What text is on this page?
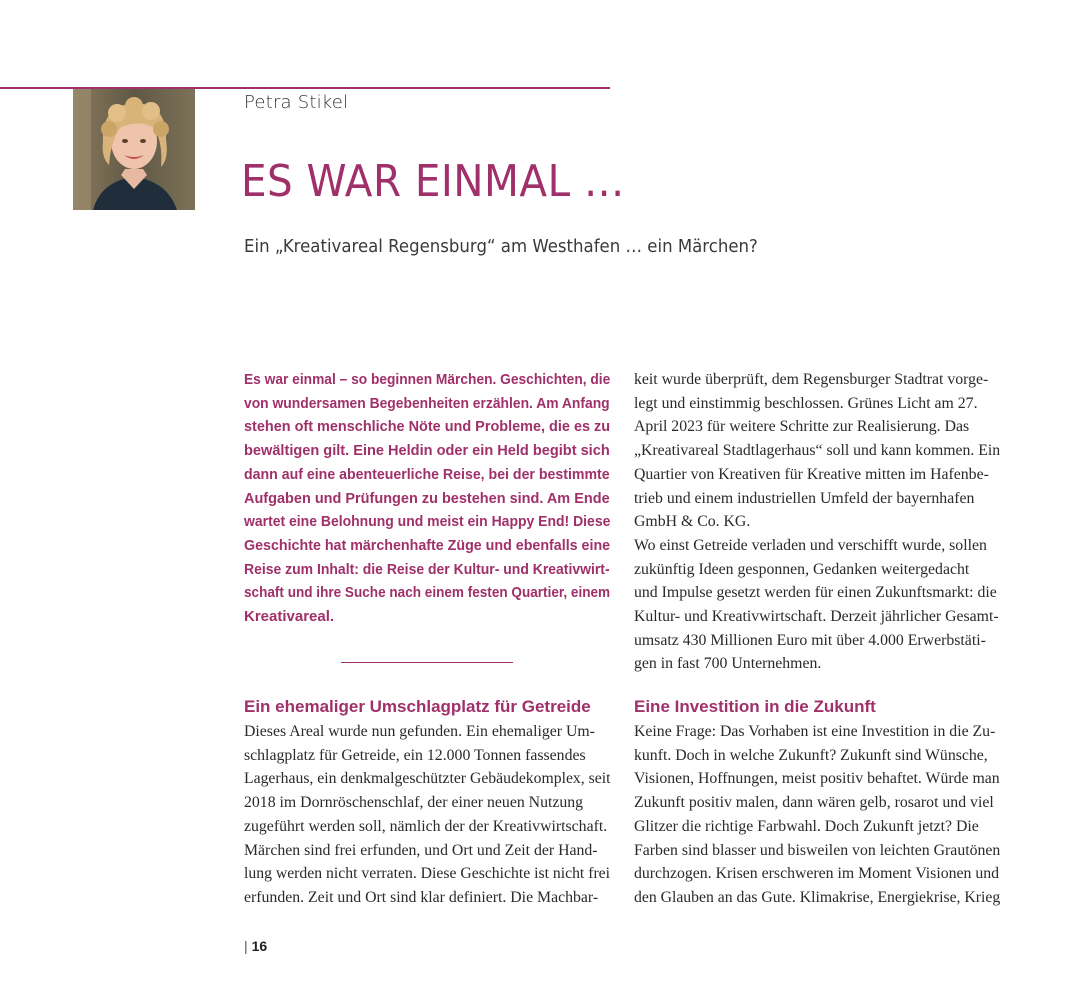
Petra Stikel
ES WAR EINMAL …
Ein „Kreativareal Regensburg“ am Westhafen … ein Märchen?
Es war einmal – so beginnen Märchen. Geschichten, die
von wundersamen Begebenheiten erzählen. Am Anfang
stehen oft menschliche Nöte und Probleme, die es zu
bewältigen gilt. Eine Heldin oder ein Held begibt sich
dann auf eine abenteuerliche Reise, bei der bestimmte
Aufgaben und Prüfungen zu bestehen sind. Am Ende
wartet eine Belohnung und meist ein Happy End! Diese
Geschichte hat märchenhafte Züge und ebenfalls eine
Reise zum Inhalt: die Reise der Kultur- und Kreativwirt-
schaft und ihre Suche nach einem festen Quartier, einem
Kreativareal.
Ein ehemaliger Umschlagplatz für Getreide
Dieses Areal wurde nun gefunden. Ein ehemaliger Um-
schlagplatz für Getreide, ein 12.000 Tonnen fassendes
Lagerhaus, ein denkmalgeschützter Gebäudekomplex, seit
2018 im Dornröschenschlaf, der einer neuen Nutzung
zugeführt werden soll, nämlich der der Kreativwirtschaft.
Märchen sind frei erfunden, und Ort und Zeit der Hand-
lung werden nicht verraten. Diese Geschichte ist nicht frei
erfunden. Zeit und Ort sind klar definiert. Die Machbar-
keit wurde überprüft, dem Regensburger Stadtrat vorge-
legt und einstimmig beschlossen. Grünes Licht am 27.
April 2023 für weitere Schritte zur Realisierung. Das
„Kreativareal Stadtlagerhaus“ soll und kann kommen. Ein
Quartier von Kreativen für Kreative mitten im Hafenbe-
trieb und einem industriellen Umfeld der bayernhafen
GmbH & Co. KG.
Wo einst Getreide verladen und verschifft wurde, sollen
zukünftig Ideen gesponnen, Gedanken weitergedacht
und Impulse gesetzt werden für einen Zukunftsmarkt: die
Kultur- und Kreativwirtschaft. Derzeit jährlicher Gesamt-
umsatz 430 Millionen Euro mit über 4.000 Erwerbstäti-
gen in fast 700 Unternehmen.
Eine Investition in die Zukunft
Keine Frage: Das Vorhaben ist eine Investition in die Zu-
kunft. Doch in welche Zukunft? Zukunft sind Wünsche,
Visionen, Hoffnungen, meist positiv behaftet. Würde man
Zukunft positiv malen, dann wären gelb, rosarot und viel
Glitzer die richtige Farbwahl. Doch Zukunft jetzt? Die
Farben sind blasser und bisweilen von leichten Grautönen
durchzogen. Krisen erschweren im Moment Visionen und
den Glauben an das Gute. Klimakrise, Energiekrise, Krieg
| 16
